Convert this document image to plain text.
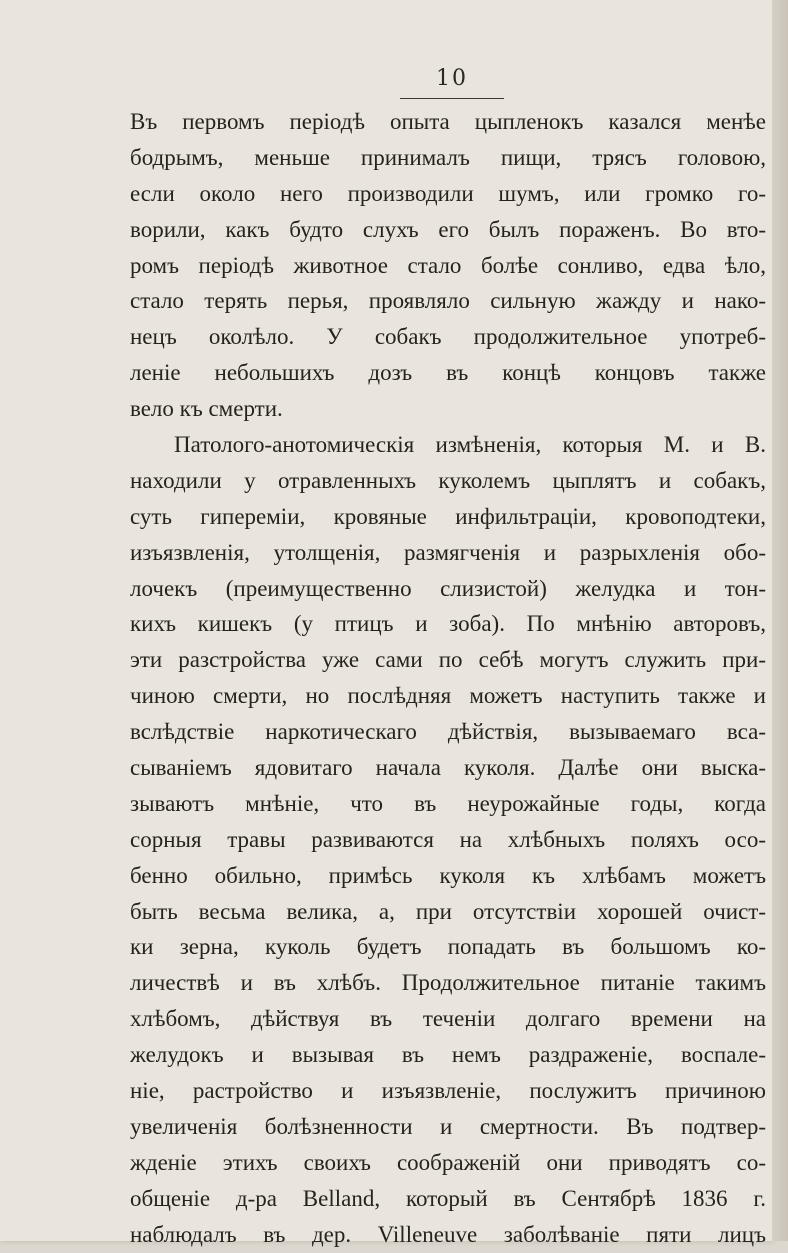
10
Въ первомъ періодѣ опыта цыпленокъ казался менѣе
бодрымъ, меньше принималъ пищи, трясъ головою,
если около него производили шумъ, или громко го-
ворили, какъ будто слухъ его былъ пораженъ. Во вто-
ромъ періодѣ животное стало болѣе сонливо, едва ѣло,
стало терять перья, проявляло сильную жажду и нако-
нецъ околѣло. У собакъ продолжительное употреб-
леніе небольшихъ дозъ въ концѣ концовъ также
вело къ смерти.
Патолого-анотомическія измѣненія, которыя М. и В.
находили у отравленныхъ куколемъ цыплятъ и собакъ,
суть гипереміи, кровяные инфильтраціи, кровоподтеки,
изъязвленія, утолщенія, размягченія и разрыхленія обо-
лочекъ (преимущественно слизистой) желудка и тон-
кихъ кишекъ (у птицъ и зоба). По мнѣнію авторовъ,
эти разстройства уже сами по себѣ могутъ служить при-
чиною смерти, но послѣдняя можетъ наступить также и
вслѣдствіе наркотическаго дѣйствія, вызываемаго вса-
сываніемъ ядовитаго начала куколя. Далѣе они выска-
зываютъ мнѣніе, что въ неурожайные годы, когда
сорныя травы развиваются на хлѣбныхъ поляхъ осо-
бенно обильно, примѣсь куколя къ хлѣбамъ можетъ
быть весьма велика, а, при отсутствіи хорошей очист-
ки зерна, куколь будетъ попадать въ большомъ ко-
личествѣ и въ хлѣбъ. Продолжительное питаніе такимъ
хлѣбомъ, дѣйствуя въ теченіи долгаго времени на
желудокъ и вызывая въ немъ раздраженіе, воспале-
ніе, растройство и изъязвленіе, послужитъ причиною
увеличенія болѣзненности и смертности. Въ подтвер-
жденіе этихъ своихъ соображеній они приводятъ со-
общеніе д-ра Belland, который въ Сентябрѣ 1836 г.
наблюдалъ въ дер. Villeneuve заболѣваніе пяти лицъ
